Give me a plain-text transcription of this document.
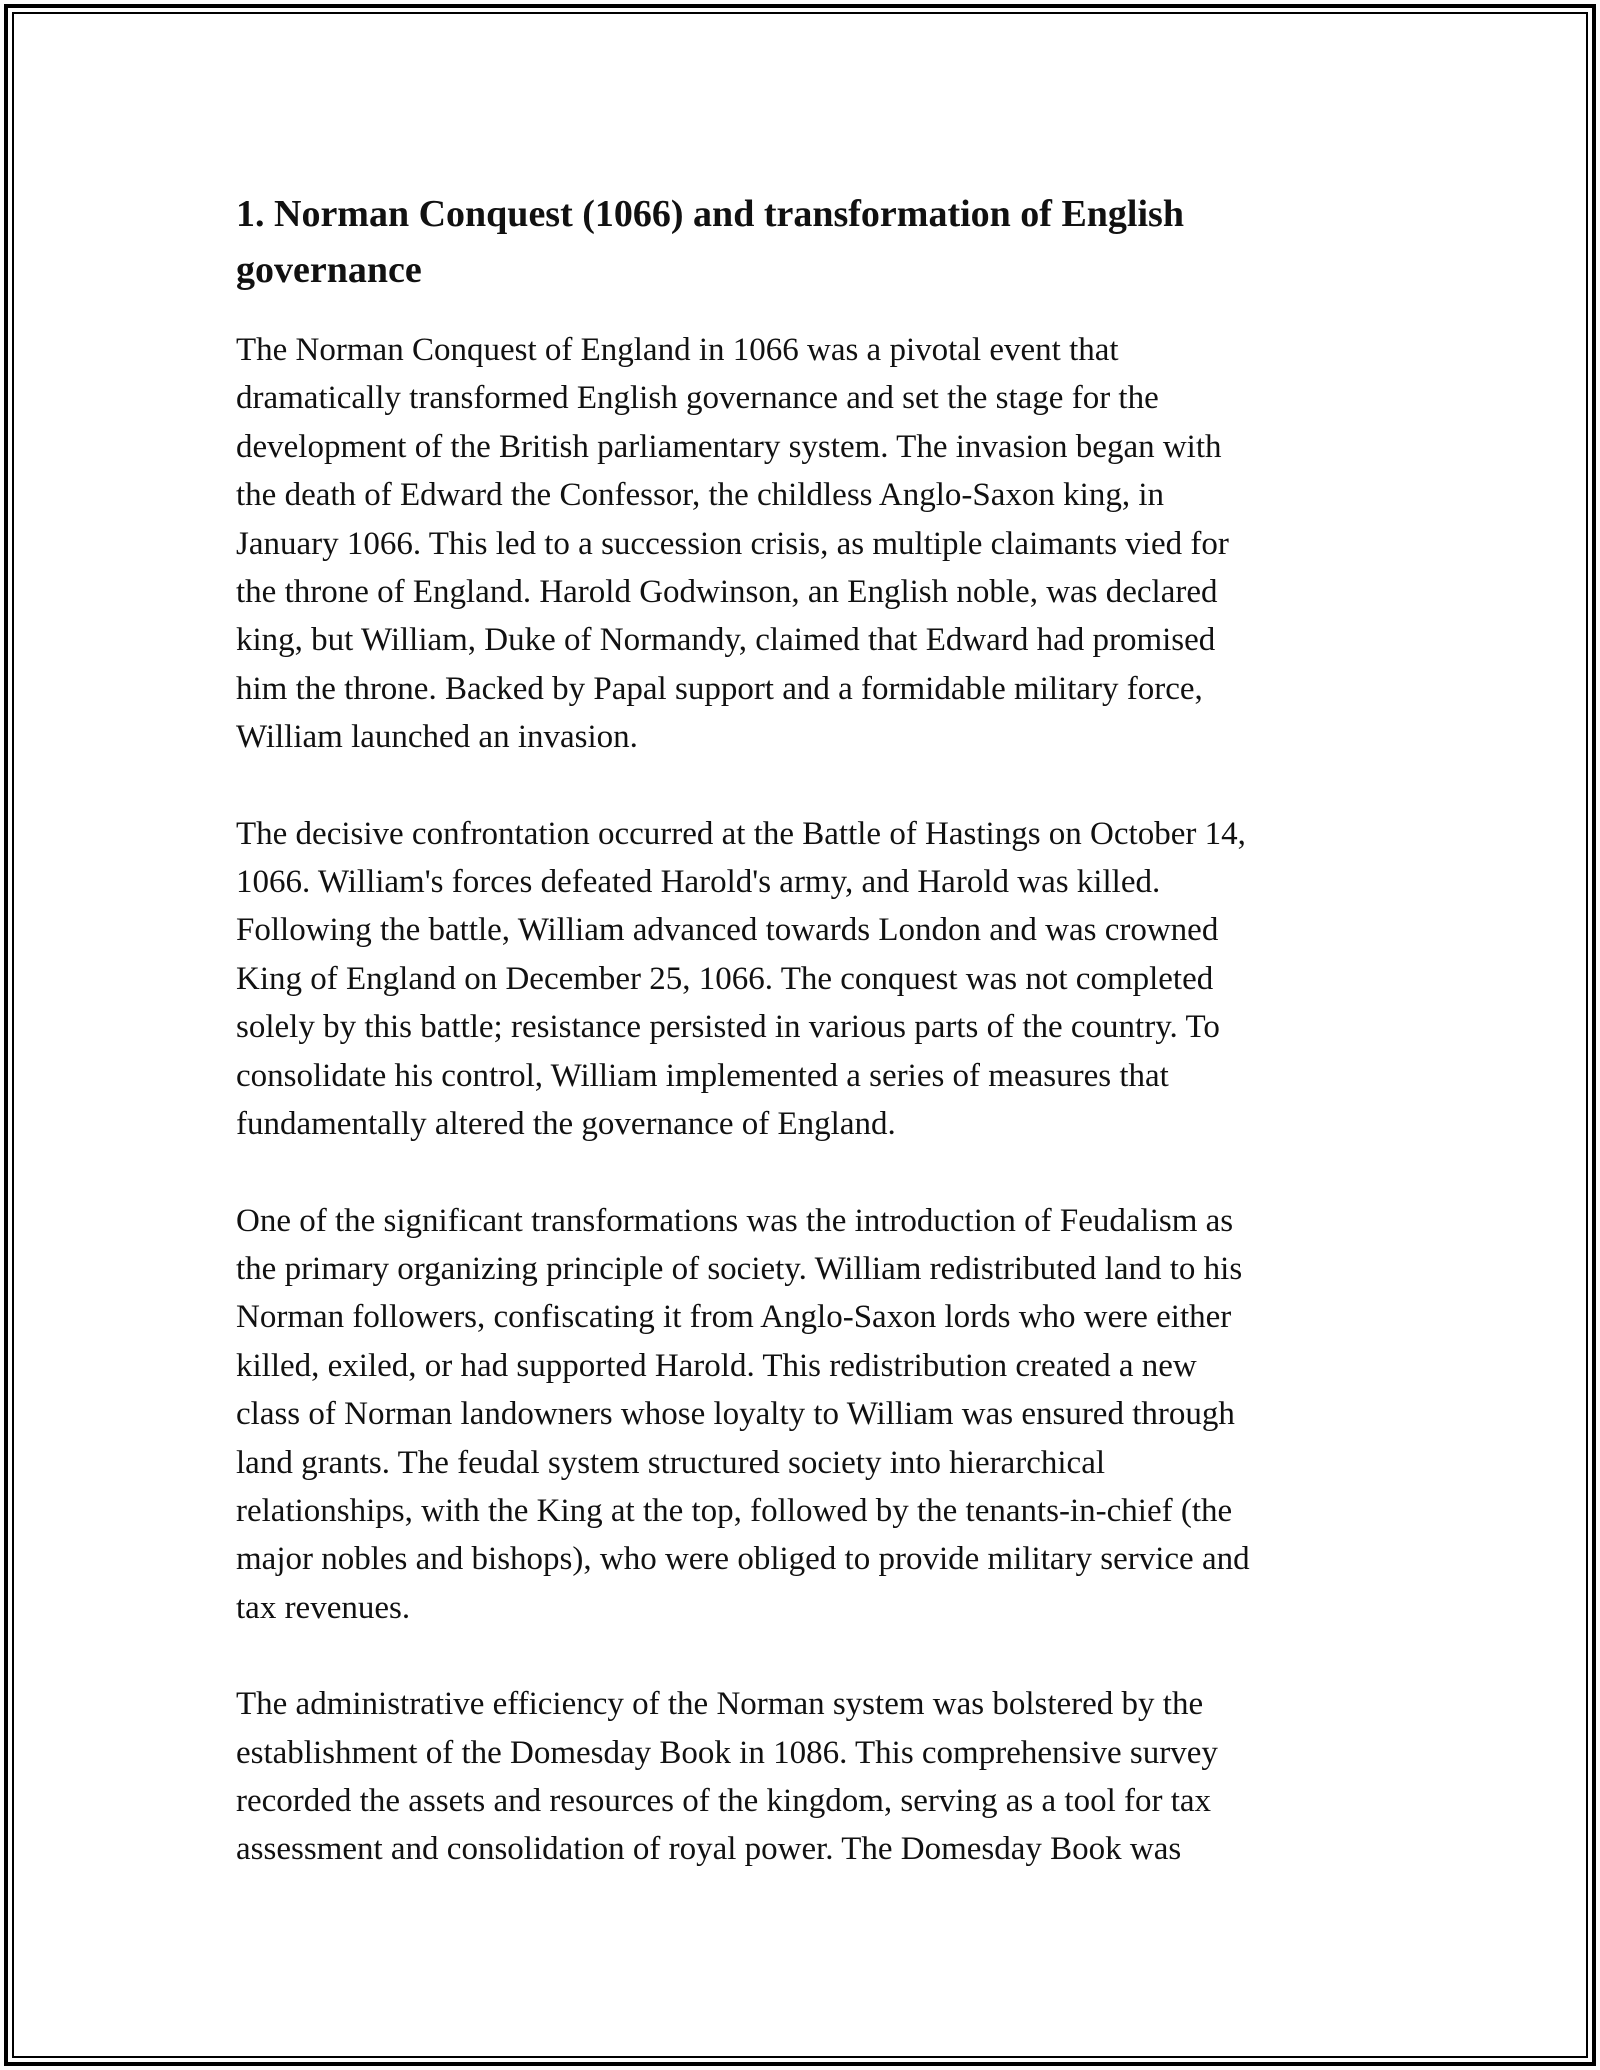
1. Norman Conquest (1066) and transformation of English
governance

The Norman Conquest of England in 1066 was a pivotal event that
dramatically transformed English governance and set the stage for the
development of the British parliamentary system. The invasion began with
the death of Edward the Confessor, the childless Anglo-Saxon king, in
January 1066. This led to a succession crisis, as multiple claimants vied for
the throne of England. Harold Godwinson, an English noble, was declared
king, but William, Duke of Normandy, claimed that Edward had promised
him the throne. Backed by Papal support and a formidable military force,
William launched an invasion.

The decisive confrontation occurred at the Battle of Hastings on October 14,
1066. William's forces defeated Harold's army, and Harold was killed.
Following the battle, William advanced towards London and was crowned
King of England on December 25, 1066. The conquest was not completed
solely by this battle; resistance persisted in various parts of the country. To
consolidate his control, William implemented a series of measures that
fundamentally altered the governance of England.

One of the significant transformations was the introduction of Feudalism as
the primary organizing principle of society. William redistributed land to his
Norman followers, confiscating it from Anglo-Saxon lords who were either
killed, exiled, or had supported Harold. This redistribution created a new
class of Norman landowners whose loyalty to William was ensured through
land grants. The feudal system structured society into hierarchical
relationships, with the King at the top, followed by the tenants-in-chief (the
major nobles and bishops), who were obliged to provide military service and
tax revenues.

The administrative efficiency of the Norman system was bolstered by the
establishment of the Domesday Book in 1086. This comprehensive survey
recorded the assets and resources of the kingdom, serving as a tool for tax
assessment and consolidation of royal power. The Domesday Book was
